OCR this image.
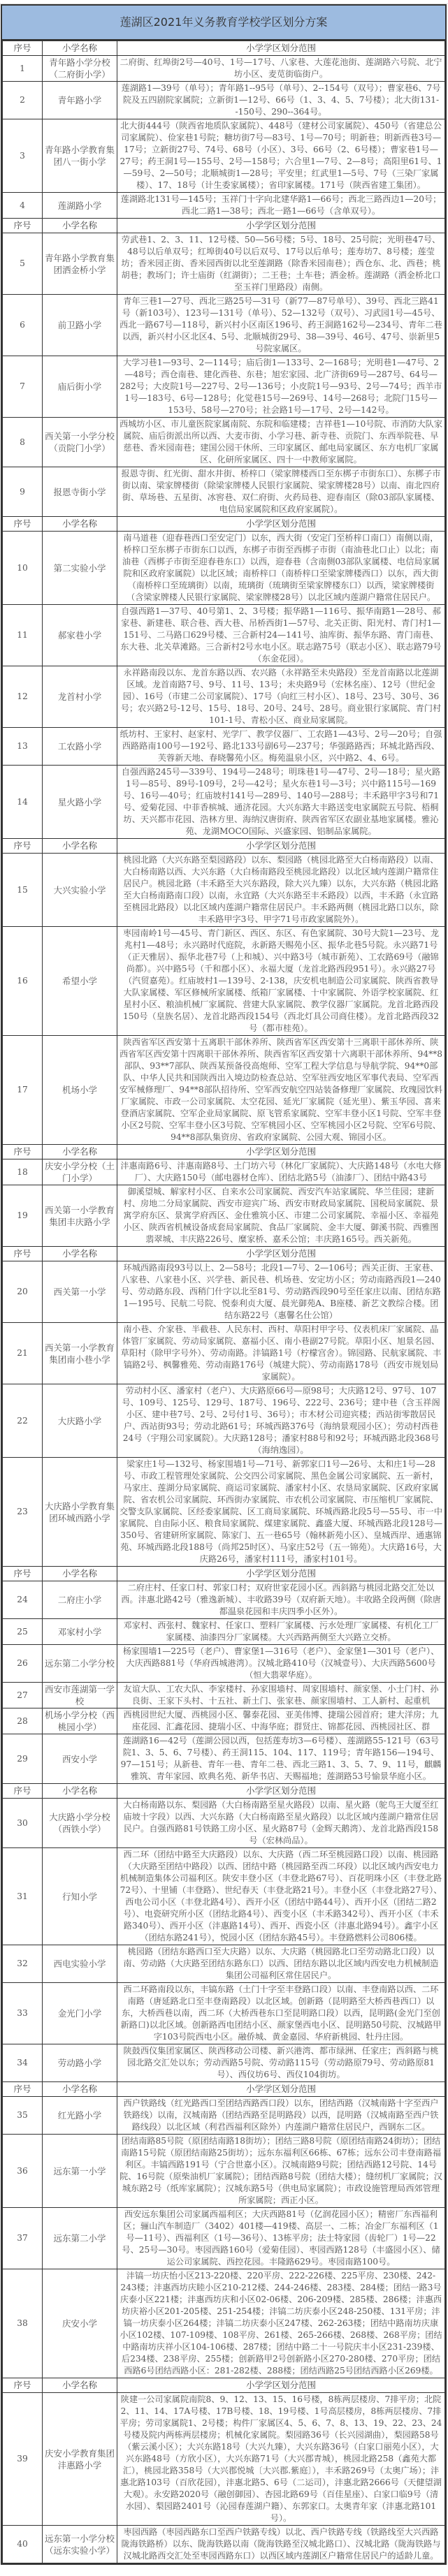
莲湖区2021年义务教育学校学区划分方案
序号	小学名称	小学学区划分范围
1	青年路小学分校（二府街小学）	二府街、红埠街2号—40号、1号—17号、八家巷、大莲花池街、莲湖路六号院、北宁坊小区、麦苋街临街户。
2	青年路小学	莲湖路1—39号（单号）；青年路1--95号（单号）、2--154号（双号）；曹家巷6、7号院及五四剧院家属院；立新街1—12号、66号（1、3、4、5、7号楼）；北大街131--150号、290--364号。
3	青年路小学教育集团八一街小学	北大街444号（陕西省地质队家属院）、448号（建材公司家属院）、450号（省建总公司家属院）、俭家巷1号院；糖坊街7号—83号、1号—70号；明新巷；明新西巷3号—17号；立新街27号、74号、68号（小区）、3号、66号（2、6号楼）；曹家巷1号—27号；药王洞1号—155号、2号—158号；六合里1—7号、2—8号；高阳里61号、1—59号、2—50号；北顺城街1—28号；平安里；红武里1—5号、7号（三染厂家属楼）、17、18号（计生委家属楼）；省印家属楼。171号（陕西省建工集团）。
4	莲湖路小学	莲湖路北131号—145号；玉祥门十字向北建华路1—66号；西北三路西边1—20号；西北二路1—38号；西北一路1—66号（含单双号）。
序号	小学名称	小学学区划分范围
5	青年路小学教育集团洒金桥小学	劳武巷1、2、3、11、12号楼、50—56号楼；5号、18号、25号院；光明巷47号、48号以后单双号；红埠街40号以后双号、17号以后单号；莲寿坊7、8号楼；莲莹坊；香米园正街、香米园西街以北至莲湖路（除香米园南巷）；西仓东、北、西巷；桃胡巷；教场门；许士庙街（红湖街）；二王巷；土车巷；洒金桥。莲湖路（洒金桥北口至玉祥门里路段）南侧。
6	前卫路小学	青年三巷1—27号、西北三路25号—31号（新77—87号单号）、39号、西北三路41号（新103号）、123号—131号（单号）、52—132号（双号）、习武园1号—45号、西北一路67号—118号，新兴村小区南区196号、药王洞路162号—234号、青年二巷以西，新兴村小区北区4、5号、北顺城街29号、38—39号、46号、47号、崇新里5号院家属区。
7	庙后街小学	大学习巷1—93号、2—114号；庙后街1—133号、2—168号；光明巷1—47号、2—48号；西仓南巷、建化西巷、东巷；旭宏家园、北广济街69号—287号、64号—282号；大皮院1号—227号、2号—136号；小皮院1号—93号、2号—74号；西羊市1号—183号、6号—128号；化觉巷15号—269号、14号—268号；北院门15号—153号、58号—270号；社会路1号—17号、2号—142号。
8	西关第一小学分校（贡院门小学）	西城坊小区、市儿童医院家属南院、东院和临建楼；吉祥巷1—10号院、市消防大队家属院、庙后街派出所以西、大麦市街、小学习巷、新寺巷、贡院门、东西举院巷、早慈巷、香米园南巷；建国公园干休所、三印家属区、邮电局家属区、东方电机厂家属区、化研所家属区、四十一中教师家属院。
9	报恩寺街小学	报恩寺街、红光街、甜水井街、桥梓口（梁家牌楼西口至东梆子市街东口）、东梆子市街以南、梁家牌楼街（除梁家牌楼人民银行家属院、梁家牌楼28号）以南、南北四府街、草场巷、五星街、冰窖巷、双仁府街、火药局巷、迎春南区（除03部队家属楼、电信局家属院和区政府家属院）。
序号	小学名称	小学学区划分范围
10	第二实验小学	南马道巷（迎春巷西口至安定门）以东，西大街（安定门至桥梓口南口）南侧以南，桥梓口至东梆子市街东口以西，东梆子市街至西梆子市街（南油巷北口止）以北；南油巷（西梆子市街至迎春巷东口）以西，迎春巷（含南侧03部队家属楼、电信局家属院和区政府家属院）以北区域；南桥梓口（南桥梓口至梁家牌楼西口）以东，西大街（南桥梓口至琉璃街）以南，琉璃街（琉璃街至梁家牌楼东口）以西，梁家牌楼街（含梁家牌楼人民银行家属院、梁家牌楼28号）以北区域内莲湖户籍常住居民户。
11	郝家巷小学	自强西路1—37号、40号第1、2、3号楼；振华路1—116号、振华南路1—28号、郝家巷、新建巷、联合巷、西大巷、吊桥西街1—57号、北关正街、阳光村、青门村1—151号、二马路口629号楼、三合新村24—141号、油库街、振华东路、青门南巷、东大巷、北关草滩路。三合新村2号水电小区。联志路75号（联志小区）、联志路79号（东金花园）。
12	龙首村小学	永祥路南段以东、龙首东路以西、农兴路（永祥路至未央路段）至龙首南路以北莲湖区域。龙首南路7号、9号、11号、13号；未央路9号（宏林名座）、12号（世纪金园）、16号（市建二公司家属院）、17号（向红三村小区）、18号、23号、30号、36号；农兴路2号-12号、15号、18号、20号、24号、28号。商业银行家属院、青门村101-1号、青松小区、商业局家属院。
13	工农路小学	纸坊村、王家村、赵家村、光学厂、教学仪器厂、工农路1—43号、2号—20号；自强西路路南100号—192号、路北133号副6号—237号；华强路路西；环城北路西段、芙蓉新天地、春晓馨苑小区。梅苑温泉小区，兴中路2、4、6号。
14	星火路小学	自强西路245号—339号、194号—248号；明珠巷1号—47号、2号—18号；星火路1号—85号、89号-109号，2号—42号；星火东巷1号—3号；兴中路115号—169号、16号—40号；红庙坡村141号—289号、140号—288号；丰禾路甲字3号和71号、爱菊花园、中菲香槟城、通济花园。大兴东路大丰路送变电家属院五号院、梧桐坊、天兴都市花园、浩林方里、海纳汉唐街府、陕西省军区农副业基地家属楼。雅沁苑、龙湖MOCO国际、兴盛家园、铝制品家属院。
序号	小学名称	小学学区划分范围
15	大兴实验小学	桃园北路（大兴东路至梨园路段）以东、梨园路（桃园北路至大白杨南路段）以南、大白杨南路以西、大兴东路（大白杨南路段至桃园北路段）以北区域内莲湖户籍常住居民户。桃园北路（丰禾路至大兴东路段，除大兴九臻）以东，大兴东路（桃园北路至大白杨南路南口段）以南，永宜路（大兴东路至丰禾路段）以西，丰禾路（永宜路至桃园北路段）以北区域内莲湖户籍常住居民户。丰禾路两侧（桃园北路口以东，除丰禾路甲字3号、甲字71号市政家属院外）。
16	希望小学	枣园南岭1号—45号、青门新区、西区、东区、有色家属院、30号大院1—23号、龙兆村1—48号；永兴路时代庭院，永新路天赐苑小区、振华北巷5号院。永兴路71号（正天雅居）、振华北巷7号（上和城）、兴中路3号（城市新苑）、工农路69号（融锦尚都）。兴中路5号（千和郡小区）、永福大厦（龙首北路西段951号）。永兴路27号（汽贸嘉苑）。红庙坡村1—139号、2-138，庆安机电制造公司家属院、陕西省教导大队家属楼、军区修械所家属楼、纸箱厂家属楼、十中家属院、外语学校家属院、红星村小区、粮油机械厂家属院、营建大队家属院、教学仪器厂家属院。龙首北路西段150号（皇族名居）、龙首北路西段154号（西北灯具公司商住楼）。龙首北路西段32号（都市桂苑）。
17	机场小学	陕西省军区西安第十五离职干部休养所、陕西省军区西安第十三离职干部休养所、陕西省军区西安第十四离职干部休养所、陕西省军区西安第十六离职干部休养所、94**8部队、93**7部队、陕西某预备役高炮师、空军工程大学信息与导航学院、94**0部队、中华人民共和国陕西出入境边防检查总站、空军驻西安地区军事代表局、空军西安军械修理厂、94**8部队招待所、空军西安航空四站装备修理厂家属院、玫瑰园饮料厂家属院、市政一公司家属院、太空花园、延光厂家属院（延光里）、紫玉华园、喜来登酒店家属院、空军企业局家属院、原飞管系家属院、空军丰登小区1号院、空军丰登小区2号院、空军丰登小区3号院、空军桃园小区、空军桃园小区2号院、空军6号院、94**8部队集资房、省政府家属院、公园大观、锦园小区。
序号	小学名称	小学学区划分范围
18	庆安小学分校（土门小学）	沣惠南路6号、沣惠南路8号、土门坊六号（林化厂家属院）、大庆路148号（水电大修厂）、大庆路150号（邮电器材仓库）、团结北路5号（油漆厂）、团结中路43号
19	西关第一小学教育集团丰庆路小学	御溪望城、解家村小区、自来水公司家属院、西安汽车站家属院、华兰佳园；建新村、房地二分局家属院、西安市迎宾广场、西安市财政局家属院、国税局家属院、景寓学府东区、景寓学府西区、金仕雅筑小区、市建二公司家属院、幸福小区、幸福苑小区、陕西省机械设备成套局家属院、食品厂家属院、金丰大厦、御溪书院、西雅图翡翠城、丰庆路226号、糜家桥、嘉禾公馆；丰庆路165号。西关新苑。
序号	小学名称	小学学区划分范围
20	西关第一小学	环城西路南段93号以上、2—58号；北段1—7号、2—106号；西关正街、王家巷、八家巷、八家巷小区、兴学巷、新民巷、机场巷、安定坊小区；劳动南路西段1—240号、劳动路东段、西稍门什字以北至81号、劳动路西段90号至任家庄以南、团结东路1—195号、民航二号院、悦泰利贞大厦、晨光御苑A、B座楼、新艺文教综合楼。团结东路22号（惠馨名仕公馆）
21	西关第一小学教育集团南小巷小学	南小巷、介家巷、半截巷、人民东村、西村、草阳村甲字号、仪表机床厂家属院、晶体管厂家属院、劳动局家属院、嘉福小区、南小巷副27号院。草阳小区、旭景名园、草阳村（除甲字号外）、劳动南路。沣镐路1号（柠檬宫舍）。锦园路、民航家属院、丰镐路2号、枫馨雅苑、劳动南路176号（城建大院）、劳动南路178号（西安市规划局家属院）。
22	大庆路小学	劳动村小区、潘家村（老户）、大庆路原66号—原98号；大庆路12号、97号、107号、109号、125号、129号、187号、196号、222号、236号；建中巷（含玉祥阁小区、建中巷7号、2号、2号付1号、36号）；市木材公司迎宾楼；西站街零散居民户、西站街93号；劳动北路61号；环城西路376号（海纳景观园小区）；劳动村西巷24号（宇翔公司家属院）。大庆路128号；潘家村88号和92号；环城西路北段368号（海纳逸园）。
23	大庆路小学教育集团环城西路小学	梁家庄1号—132号、杨家围墙1号—71号、新郭家口1号—26号、太和庄1号—28号、市政工程管理处家属院、公交四公司家属院、黑色金属公司家属院、五一新村，马家庄、莲湖分局家属院、商运司家属院、潘家村小区、农垦局家属院、区政府家属院、省农机公司家属院、环西街办家属院、市农机公司家属院、市压缩机厂家属院、交警支队家属院、区经委家属院、区工商局家属院、环城西路北段5号—55号、市一中家属院、自由际小区、粮食局家属院、煤建家属院、鑫盛大厦、环城西路北段128号—350号、省建研所家属院、陈家门、五一巷65号（翰林新苑小区）、皇城西岸、通惠锦苑、环城西路北段188号（尚邦25时区）、马家庄52号（五一锦苑）。大庆路16号，大庆路26号，潘家村111号，潘家村101号。
序号	小学名称	小学学区划分范围
24	二府庄小学	二府庄村、任家口村、郭家口村；双府世家花园小区。西斜路与桃园北路交汇处以西。沣惠北路42号（雅逸新城）、丰收路39号（双府新天地）。丰收路全段两侧（除唐都温泉花园和丰庆四季小区外）。
25	邓家村小学	邓家村、西张村、魏家村、任家口、塑料厂家属楼、污水处理厂家属楼、有机化工厂家属楼、油漆四分厂家属楼。大兴西路两侧至大兴路立交桥。
26	远东第二小学分校	杨家围墙1—225号（老户）、曹家堡1—316号（老户）、金家堡1—301号（老户）、大庆西路881号（华府西城港湾）。汉城北路410号（汉城壹号）、大庆西路5600号（恒大翡翠华庭）。
27	西安市莲湖第一学校	友谊大队、工农大队、李家楼村、孙家围墙村、周家围墙村、颜家堡、小土门村、孙良街、王家下头村、十五社、新土门、张家巷、颜家围墙村、工人新村、起重机
28	机场小学分校（西桃园小学）	西桃园世纪大厦、西桃园小区、馨泰花园、亚美伟博、捷瑞公园首府；建大洋房；九座花园、汇鑫花园、捷瑞小区、中海华庭；群贤庄、锦都花园、西桃园社区、群
29	西安小学	莲湖路16—42号（莲湖公园以西，包括莲寿坊3—6号楼）、莲湖路55-121号（63号院1、3、5、6、7号楼）、药王洞115、104、117、119号；青年路156—194号、97—151号；从新巷、青年一巷、青年二巷、西北三路1、3、5、7、9、11号，麒麟雅筑、青年家园、欧典名苑、新华书店、天赐福地；莲湖路53号愉景华庭小区。
序号	小学名称	小学学区划分范围
30	大庆路小学分校（西铁小学）	大白杨南路以东、梨园路（大白杨南路至星火路段）以南、星火路（鸵鸟王大厦至红庙坡十字段）以西、大兴东路（大白杨南路至星火路段）以北区域内莲湖户籍常住居民户。自强西路81号铁路工房小区、星火路87号（金辉天鹅湾）、龙首北路西段158号（宏林尚品）。
31	行知小学	西二环（团结中路至大庆路段）以东、大庆路（西二环至桃园路口段）以南、桃园路（大庆路至团结中路段）以西、团结中路（桃园路至西二环段）以北区域内西安电力机械制造集体公司福利区。陕安丰登小区（丰登北路67号）、百花明珠小区（丰登北路72号）、十里铺（丰登路）、世纪春天（丰登北路21号）。丰登小区（丰登北路27号）、西电公司小区（丰登北路4号）、西开小区（团结中路44号）、西开小区（团结二路2号）、电瓷研究所小区（团结北路4号）、西变小区（丰禾路342号）、西开小区（丰禾路340号）、西开小区（沣惠路14号）、西开、西瓷小区（沣惠北路94号）。鑫宇小区（团结东路241号），悦园小区（团结东路45号）。丰登路燃料公司806楼。
32	西电实验小学	桃园路（团结东路西口至大庆路）以东、大庆路（桃园路北口至劳动路北口段）以南、劳动路（大庆路至团结东路东口）以西、团结东路以北区域内西安电力机械制造集团公司福利区常住居民户。
33	金光门小学	西二环路南段以东，丰镐东路（土门十字至丰登路口段）以南、丰登南路以西、二环南路（唐延路北口至丰登南路段）以北区域。创新路（昆明路至大桥西巷西口）以东，大桥西巷以南，西二环（大桥西巷东口至昆明路口段）以西，昆明路(金光门至创新路口)以北区域。创新路西电团结小区、颜家堡西电小区、昆明路50号院、汉城路甲字103号院西电小区。融侨城、黄金嘉园、华府新桃园、牡丹庄园。
34	劳动路小学	陕鼓西仪集团家属区、陕西移动公司楼、新兴港湾、都市绿洲、任家庄；西斜路与桃园北路交汇处以东；劳动西路5号院、劳动路115号（劳动路原79号、劳动路原81号）、西仪坊6号、西仪104街坊。
序号	小学名称	小学学区划分范围
35	红光路小学	西户铁路线（红光路西口至团结西路西口段）以东，团结西路（汉城南路十字至西户铁路线）以南，汉城南路（团结西路至昆明路段）以西，昆明路（汉城南路至西户铁路线段）以北区域（利君西福利区除外）内莲湖户籍常住居民户，西钢东二区。
36	远东第一小学	团结南路85号院（原团结南路18街坊）；团结三路8号院（原团结南路24街坊）；团结南路15号院（原团结南路25街坊）；远东东福利区66栋、67栋；远东公司丰登南路福利区。丰镐西路191号（宁合世嘉小区）。汉城南路9号院；团结西路12号院、14号院、16号院（原柴油机厂家属院）；团结西路8号院（团结大楼）；缝纫机厂家属院；汉城东路2号（纸库家属院）；汉城东路5号（供电局家属院）；市政设施管理局西郊管理所家属院；西正小区。
37	远东第二小学	西安远东集团公司家属西福利区；大庆西路81号（亿润花园小区）；精密厂东西福利区；骊山汽车制造厂（3402）401楼—419楼、高层一、二栋；冶金厂东福利区（1号—11号）、西福利区（1号—36号）、13栋平房；法士特家园（齿轮厂）1号—22号、25号—30号。枣园西路160号（爱菊佳园）、枣园西路128号（丰盛园小区）、储运公司家属院、西控花园。丰隆路629号。枣园南路100号。
38	庆安小学	沣镐一坊庆怡小区213-220楼、220平房、222-226楼、225平房、230楼、242-243楼；沣惠西坊庆睦小区210-212楼、244-246楼、283楼、284楼；团结一路3号庆泰小区221楼；沣惠西坊庆和小区02-06楼、206-209楼、285楼、286楼；沣惠西坊庆裕小区201-205楼、251-254楼；沣镐二坊庆泰小区248-250楼、131平房；沣镐一坊庆泰小区264楼；沣镐二坊庆泰小区247楼、262-263楼；团结中路南坊庆康小区102楼、107-109楼、108平房、261楼、265-266楼、268楼、268平房；团结中路南坊庆祥小区104-106楼、287楼；团结中路二十一号院庆丰小区231-239楼、后234楼、238平房、255楼；创新路甲2号创新路小区270-280楼、270平房；团结西路6号团结西路小区：281-282楼、288楼；团结西路25号团结西路小区269楼。
序号	小学名称	小学学区划分范围
39	庆安小学教育集团沣惠路小学	陕建一公司家属院南院8、9、12、13、15、16号楼，8栋两层楼房、7排平房；北院2、11、14、17A号楼、17B号楼、18、19号楼、1号高层楼房，8栋两层楼房、7排平房；劳司家属院1、2号楼；构件厂家属区4、5、6、7、8、13、19、22、23、24号楼及院内两栋两层楼房；机械化家属院。梨园路36号（长兴园湖曲），梨园路58号（紫云溪小区）；大兴东路18号（大兴九臻），大兴东路36号（白家口丽苑小区），大兴东路48号（方欣小区），大兴东路71号（大兴郡青城），桃园北路258（鑫苑大都汇），桃园北路358号（大兴郡悦城〔大兴郡.紫庭〕），丰禾路269号（太奥广场）；沣惠北路103号（百欣花园），沣惠北路5、6号（二运司），沣惠北路2666号（天健望湖大观）。永安路2020号（融创御园）、杏园北路69号（百佳星座）、白家口临9号（清水园）、梨园路2401号（沁园春莲湖户籍）、东郭家口。太奥青年家（沣惠北路101号）。
40	远东第一小学分校（远东实验小学）	枣园西路（枣园西路东口至西户铁路专线）以北、西户铁路专线（铁路线至大兴西路陇海铁路桥）以东、陇海铁路以南（陇海铁路至汉城北路口）、汉城北路（陇海铁路与汉城北路西交汇处至枣园西路东口）以西区域内莲湖区户籍常住居民户的适龄儿童。
